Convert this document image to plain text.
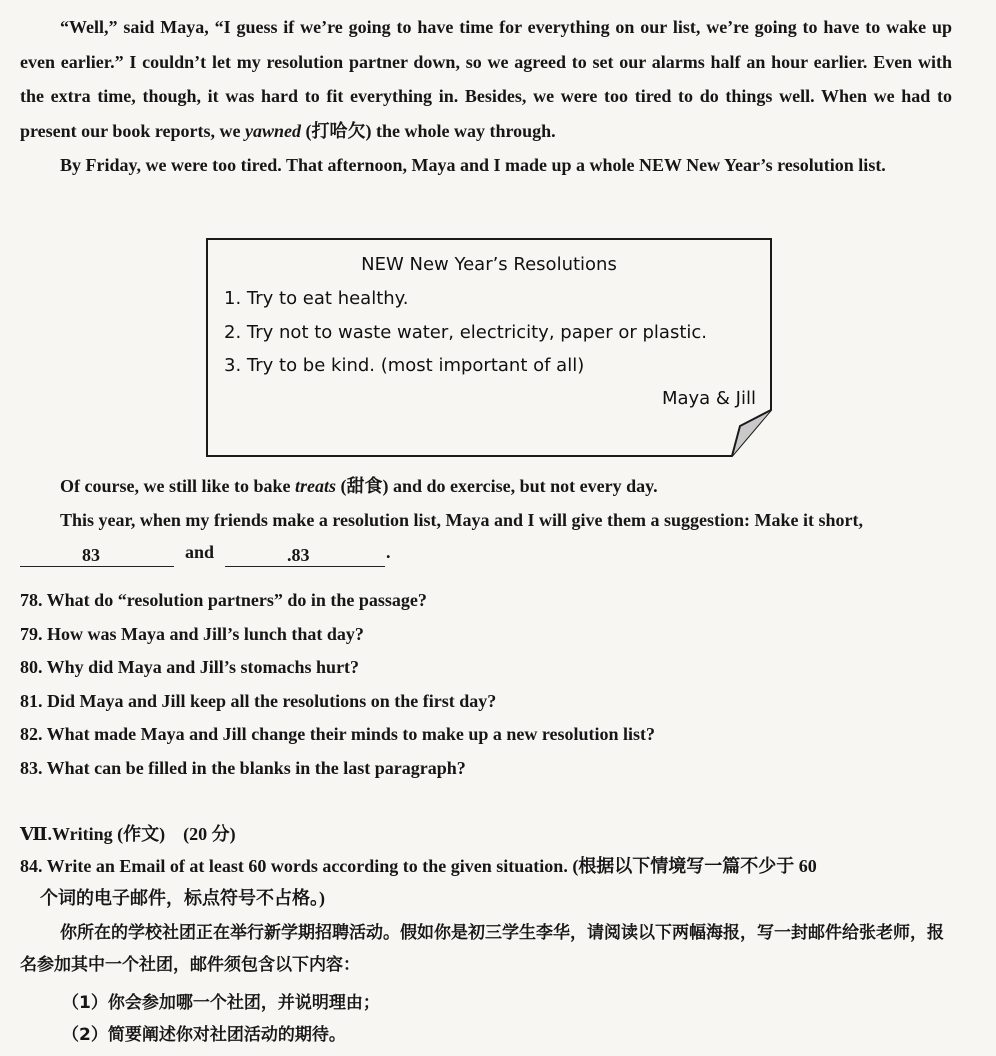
“Well,” said Maya, “I guess if we’re going to have time for everything on our list, we’re going to have to wake up even earlier.” I couldn’t let my resolution partner down, so we agreed to set our alarms half an hour earlier. Even with the extra time, though, it was hard to fit everything in. Besides, we were too tired to do things well. When we had to present our book reports, we yawned (打哈欠) the whole way through.

By Friday, we were too tired. That afternoon, Maya and I made up a whole NEW New Year’s resolution list.

NEW New Year’s Resolutions
1. Try to eat healthy.
2. Try not to waste water, electricity, paper or plastic.
3. Try to be kind. (most important of all)
Maya & Jill

Of course, we still like to bake treats (甜食) and do exercise, but not every day.

This year, when my friends make a resolution list, Maya and I will give them a suggestion: Make it short,

83	and	.83	.
78. What do “resolution partners” do in the passage?
79. How was Maya and Jill’s lunch that day?
80. Why did Maya and Jill’s stomachs hurt?
81. Did Maya and Jill keep all the resolutions on the first day?
82. What made Maya and Jill change their minds to make up a new resolution list?
83. What can be filled in the blanks in the last paragraph?
Ⅶ.Writing (作文)　(20 分)
84. Write an Email of at least 60 words according to the given situation. (根据以下情境写一篇不少于 60
个词的电子邮件，标点符号不占格。)

你所在的学校社团正在举行新学期招聘活动。假如你是初三学生李华，请阅读以下两幅海报，写一封邮件给张老师，报名参加其中一个社团，邮件须包含以下内容：

（1）你会参加哪一个社团，并说明理由；
（2）简要阐述你对社团活动的期待。
